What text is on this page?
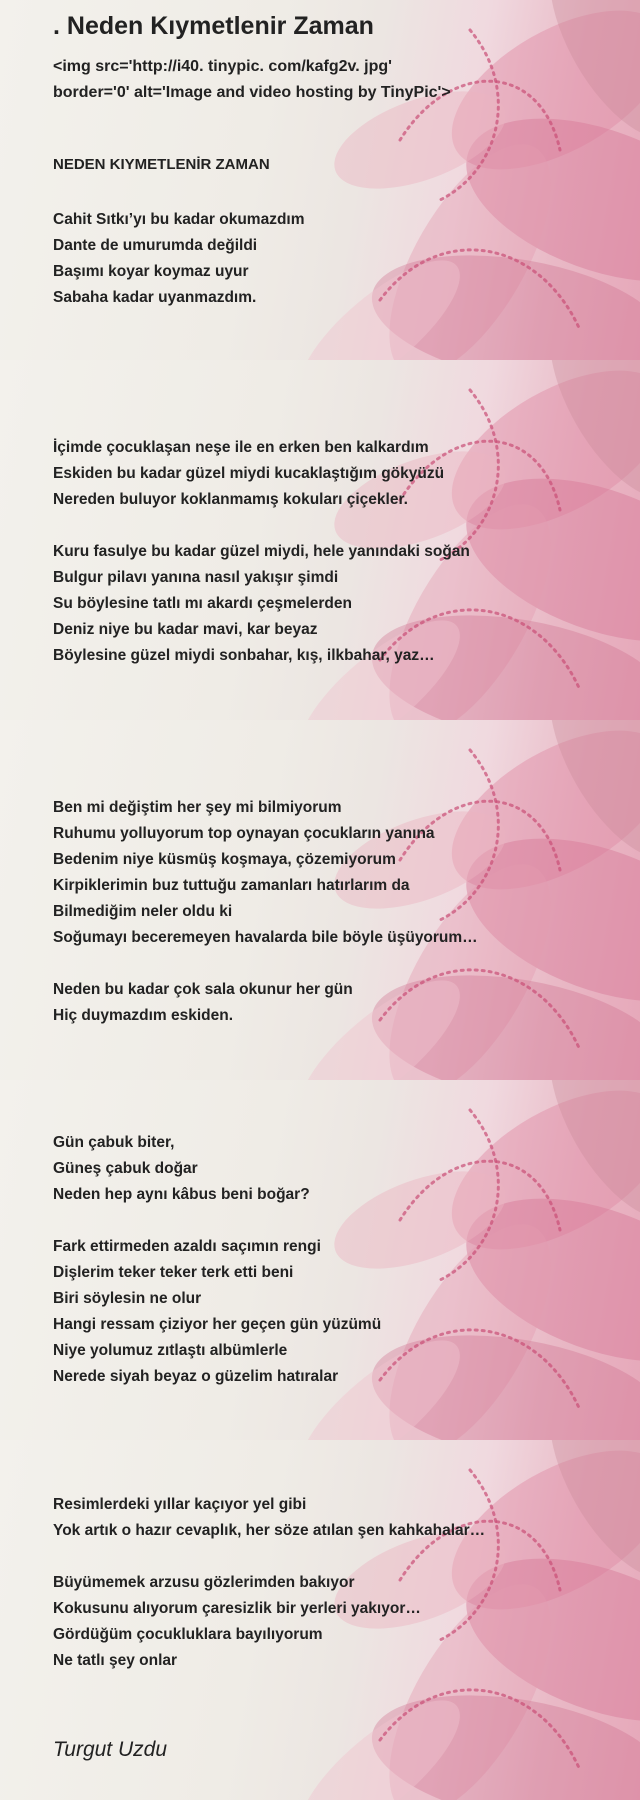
. Neden Kıymetlenir Zaman
<img src='http://i40. tinypic. com/kafg2v. jpg'
border='0' alt='Image and video hosting by TinyPic'>
NEDEN KIYMETLENİR ZAMAN
Cahit Sıtkı’yı bu kadar okumazdım
Dante de umurumda değildi
Başımı koyar koymaz uyur
Sabaha kadar uyanmazdım.
İçimde çocuklaşan neşe ile en erken ben kalkardım
Eskiden bu kadar güzel miydi kucaklaştığım gökyüzü
Nereden buluyor koklanmamış kokuları çiçekler.
Kuru fasulye bu kadar güzel miydi, hele yanındaki soğan
Bulgur pilavı yanına nasıl yakışır şimdi
Su böylesine tatlı mı akardı çeşmelerden
Deniz niye bu kadar mavi, kar beyaz
Böylesine güzel miydi sonbahar, kış, ilkbahar, yaz…
Ben mi değiştim her şey mi bilmiyorum
Ruhumu yolluyorum top oynayan çocukların yanına
Bedenim niye küsmüş koşmaya, çözemiyorum
Kirpiklerimin buz tuttuğu zamanları hatırlarım da
Bilmediğim neler oldu ki
Soğumayı beceremeyen havalarda bile böyle üşüyorum…
Neden bu kadar çok sala okunur her gün
Hiç duymazdım eskiden.
Gün çabuk biter,
Güneş çabuk doğar
Neden hep aynı kâbus beni boğar?
Fark ettirmeden azaldı saçımın rengi
Dişlerim teker teker terk etti beni
Biri söylesin ne olur
Hangi ressam çiziyor her geçen gün yüzümü
Niye yolumuz zıtlaştı albümlerle
Nerede siyah beyaz o güzelim hatıralar
Resimlerdeki yıllar kaçıyor yel gibi
Yok artık o hazır cevaplık, her söze atılan şen kahkahalar…
Büyümemek arzusu gözlerimden bakıyor
Kokusunu alıyorum çaresizlik bir yerleri yakıyor…
Gördüğüm çocukluklara bayılıyorum
Ne tatlı şey onlar
Turgut Uzdu
